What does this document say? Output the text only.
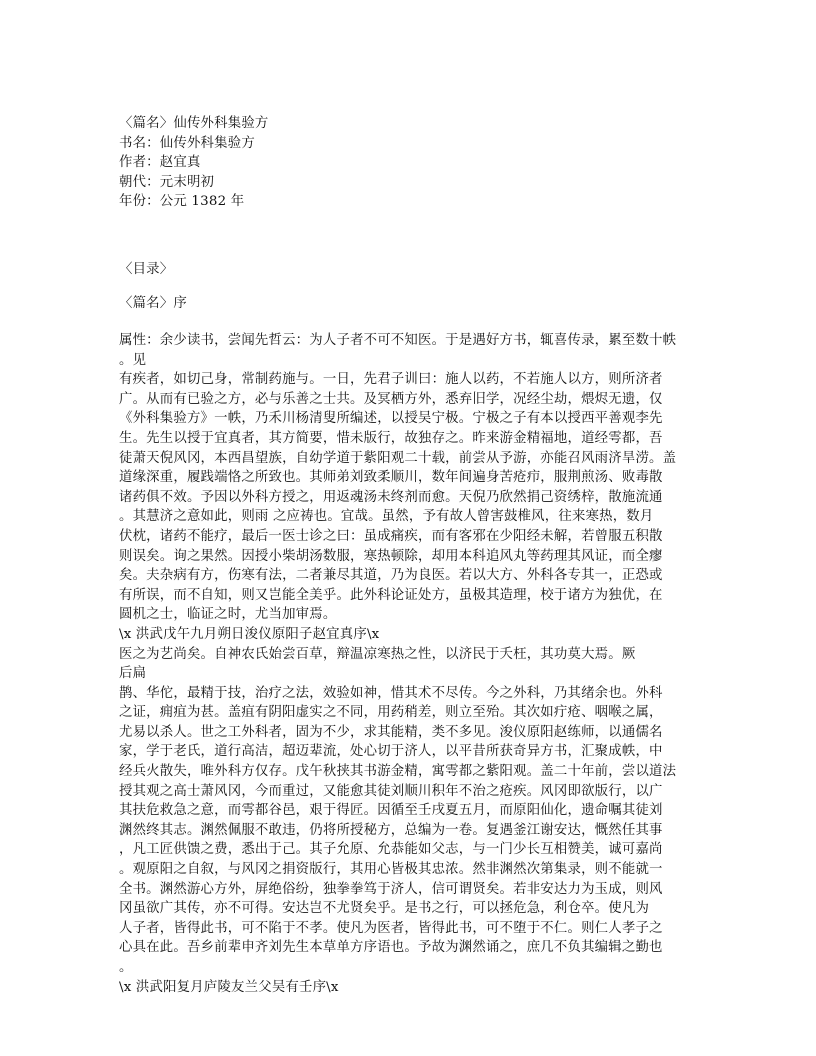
〈篇名〉仙传外科集验方
书名：仙传外科集验方
作者：赵宜真
朝代：元末明初
年份：公元 1382 年
〈目录〉
〈篇名〉序
属性：余少读书，尝闻先哲云：为人子者不可不知医。于是遇好方书，辄喜传录，累至数十帙
。见
有疾者，如切己身，常制药施与。一日，先君子训曰：施人以药，不若施人以方，则所济者
广。从而有已验之方，必与乐善之士共。及冥栖方外，悉弃旧学，况经尘劫，煨烬无遗，仅
《外科集验方》一帙，乃禾川杨清叟所编述，以授吴宁极。宁极之子有本以授西平善观李先
生。先生以授于宜真者，其方简要，惜未版行，故独存之。昨来游金精福地，道经雩都，吾
徒萧天倪风冈，本西昌望族，自幼学道于紫阳观二十载，前尝从予游，亦能召风雨济旱涝。盖
道缘深重，履践端恪之所致也。其师弟刘致柔顺川，数年间遍身苦疮疖，服荆煎汤、败毒散
诸药俱不效。予因以外科方授之，用返魂汤未终剂而愈。天倪乃欣然捐己资绣梓，散施流通
。其慧济之意如此，则雨 之应祷也。宜哉。虽然，予有故人曾害鼓椎风，往来寒热，数月
伏枕，诸药不能疗，最后一医士诊之曰：虽成痛疾，而有客邪在少阳经未解，若曾服五积散
则误矣。询之果然。因授小柴胡汤数服，寒热顿除，却用本科追风丸等药理其风证，而全瘳
矣。夫杂病有方，伤寒有法，二者兼尽其道，乃为良医。若以大方、外科各专其一，正恐或
有所误，而不自知，则又岂能全美乎。此外科论证处方，虽极其造理，校于诸方为独优，在
圆机之士，临证之时，尤当加审焉。
\x 洪武戊午九月朔日浚仪原阳子赵宜真序\x
医之为艺尚矣。自神农氏始尝百草，辩温凉寒热之性，以济民于夭枉，其功莫大焉。厥
后扁
鹊、华佗，最精于技，治疗之法，效验如神，惜其术不尽传。今之外科，乃其绪余也。外科
之证，痈疽为甚。盖疽有阴阳虚实之不同，用药稍差，则立至殆。其次如疔疮、咽喉之属，
尤易以杀人。世之工外科者，固为不少，求其能精，类不多见。浚仪原阳赵练师，以通儒名
家，学于老氏，道行高洁，超迈辈流，处心切于济人，以平昔所获奇异方书，汇聚成帙，中
经兵火散失，唯外科方仅存。戊午秋挟其书游金精，寓雩都之紫阳观。盖二十年前，尝以道法
授其观之高士萧风冈，今而重过，又能愈其徒刘顺川积年不治之疮疾。风冈即欲版行，以广
其扶危救急之意，而雩都谷邑，艰于得匠。因循至壬戌夏五月，而原阳仙化，遗命嘱其徒刘
渊然终其志。渊然佩服不敢违，仍将所授秘方，总编为一卷。复遇釜江谢安达，慨然任其事
，凡工匠供馈之费，悉出于己。其子允原、允恭能如父志，与一门少长互相赞美，诚可嘉尚
。观原阳之自叙，与风冈之捐资版行，其用心皆极其忠浓。然非渊然次第集录，则不能就一
全书。渊然游心方外，屏绝俗纷，独拳拳笃于济人，信可谓贤矣。若非安达力为玉成，则风
冈虽欲广其传，亦不可得。安达岂不尤贤矣乎。是书之行，可以拯危急，利仓卒。使凡为
人子者，皆得此书，可不陷于不孝。使凡为医者，皆得此书，可不堕于不仁。则仁人孝子之
心具在此。吾乡前辈申齐刘先生本草单方序语也。予故为渊然诵之，庶几不负其编辑之勤也
。
\x 洪武阳复月庐陵友兰父吴有壬序\x
